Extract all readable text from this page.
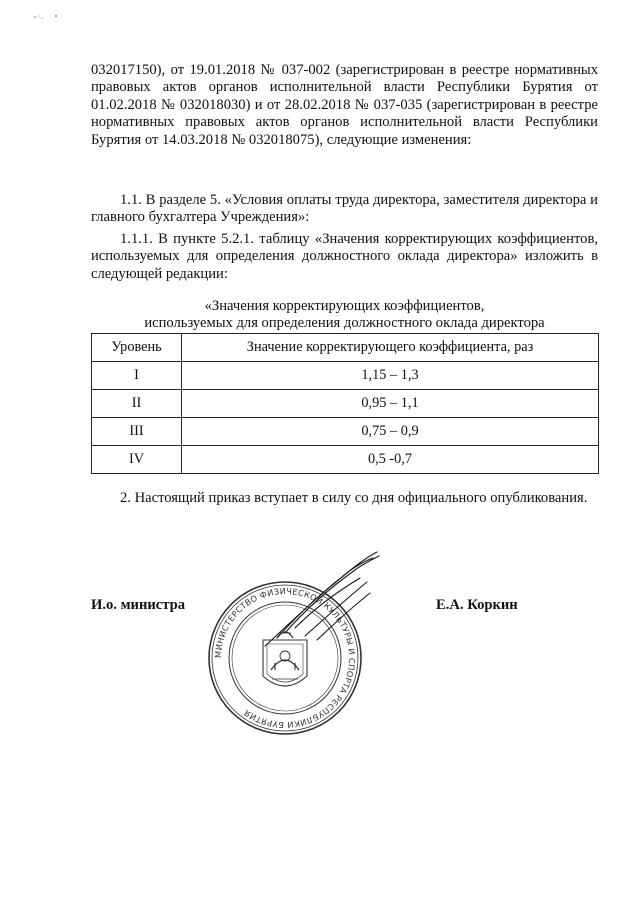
032017150), от 19.01.2018 № 037-002 (зарегистрирован в реестре нормативных правовых актов органов исполнительной власти Республики Бурятия от 01.02.2018 № 032018030) и от 28.02.2018 № 037-035 (зарегистрирован в реестре нормативных правовых актов органов исполнительной власти Республики Бурятия от 14.03.2018 № 032018075), следующие изменения:

1.1. В разделе 5. «Условия оплаты труда директора, заместителя директора и главного бухгалтера Учреждения»:

1.1.1. В пункте 5.2.1. таблицу «Значения корректирующих коэффициентов, используемых для определения должностного оклада директора» изложить в следующей редакции:

«Значения корректирующих коэффициентов,

используемых для определения должностного оклада директора

Уровень	Значение корректирующего коэффициента, раз
I	1,15 – 1,3
II	0,95 – 1,1
III	0,75 – 0,9
IV	0,5 -0,7

2. Настоящий приказ вступает в силу со дня официального опубликования.

И.о. министра	Е.А. Коркин

МИНИСТЕРСТВО ФИЗИЧЕСКОЙ КУЛЬТУРЫ И СПОРТА РЕСПУБЛИКИ БУРЯТИЯ
